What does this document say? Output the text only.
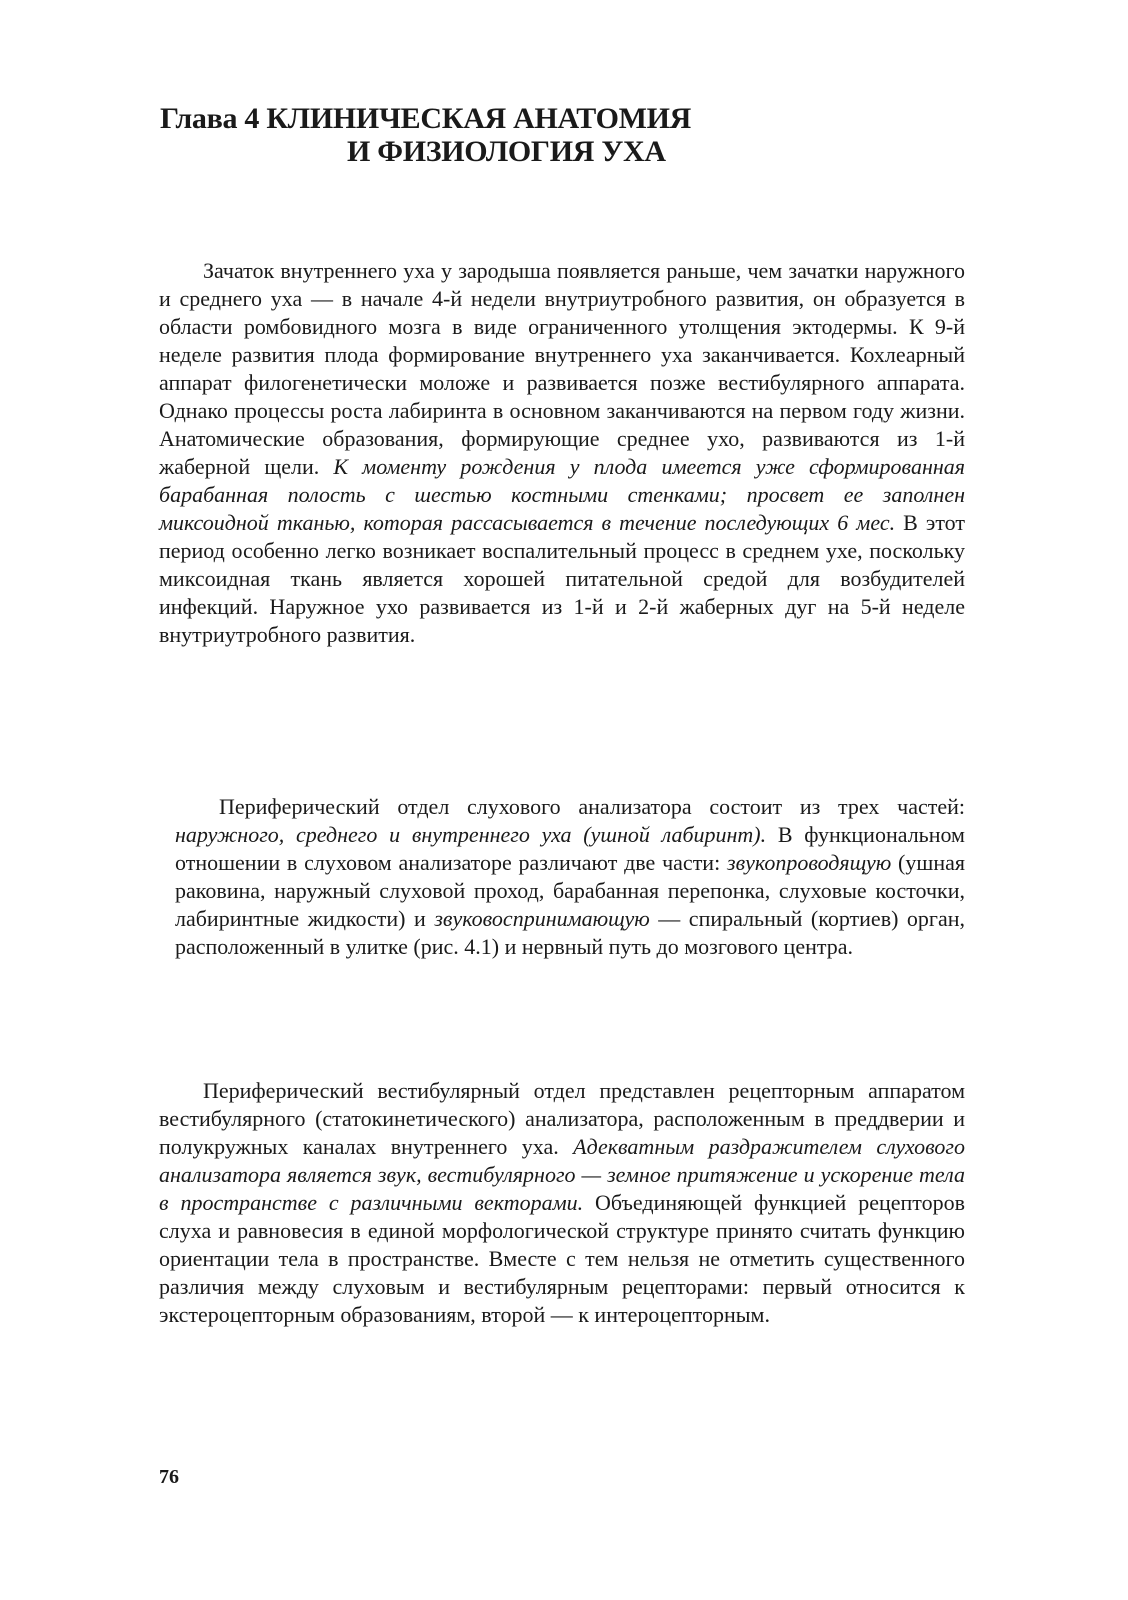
Глава 4 КЛИНИЧЕСКАЯ АНАТОМИЯ
И ФИЗИОЛОГИЯ УХА

Зачаток внутреннего уха у зародыша появляется раньше, чем зачатки наружного и среднего уха — в начале 4-й недели внутриутробного развития, он образуется в области ромбовидного мозга в виде ограниченного утолщения эктодермы. К 9-й неделе развития плода формирование внутреннего уха заканчивается. Кохлеарный аппарат филогенетически моложе и развивается позже вестибулярного аппарата. Однако процессы роста лабиринта в основном заканчиваются на первом году жизни. Анатомические образования, формирующие среднее ухо, развиваются из 1-й жаберной щели. К моменту рождения у плода имеется уже сформированная барабанная полость с шестью костными стенками; просвет ее заполнен миксоидной тканью, которая рассасывается в течение последующих 6 мес. В этот период особенно легко возникает воспалительный процесс в среднем ухе, поскольку миксоидная ткань является хорошей питательной средой для возбудителей инфекций. Наружное ухо развивается из 1-й и 2-й жаберных дуг на 5-й неделе внутриутробного развития.

Периферический отдел слухового анализатора состоит из трех частей: наружного, среднего и внутреннего уха (ушной лабиринт). В функциональном отношении в слуховом анализаторе различают две части: звукопроводящую (ушная раковина, наружный слуховой проход, барабанная перепонка, слуховые косточки, лабиринтные жидкости) и звуковоспринимающую — спиральный (кортиев) орган, расположенный в улитке (рис. 4.1) и нервный путь до мозгового центра.

Периферический вестибулярный отдел представлен рецепторным аппаратом вестибулярного (статокинетического) анализатора, расположенным в преддверии и полукружных каналах внутреннего уха. Адекватным раздражителем слухового анализатора является звук, вестибулярного — земное притяжение и ускорение тела в пространстве с различными векторами. Объединяющей функцией рецепторов слуха и равновесия в единой морфологической структуре принято считать функцию ориентации тела в пространстве. Вместе с тем нельзя не отметить существенного различия между слуховым и вестибулярным рецепторами: первый относится к экстероцепторным образованиям, второй — к интероцепторным.

76
